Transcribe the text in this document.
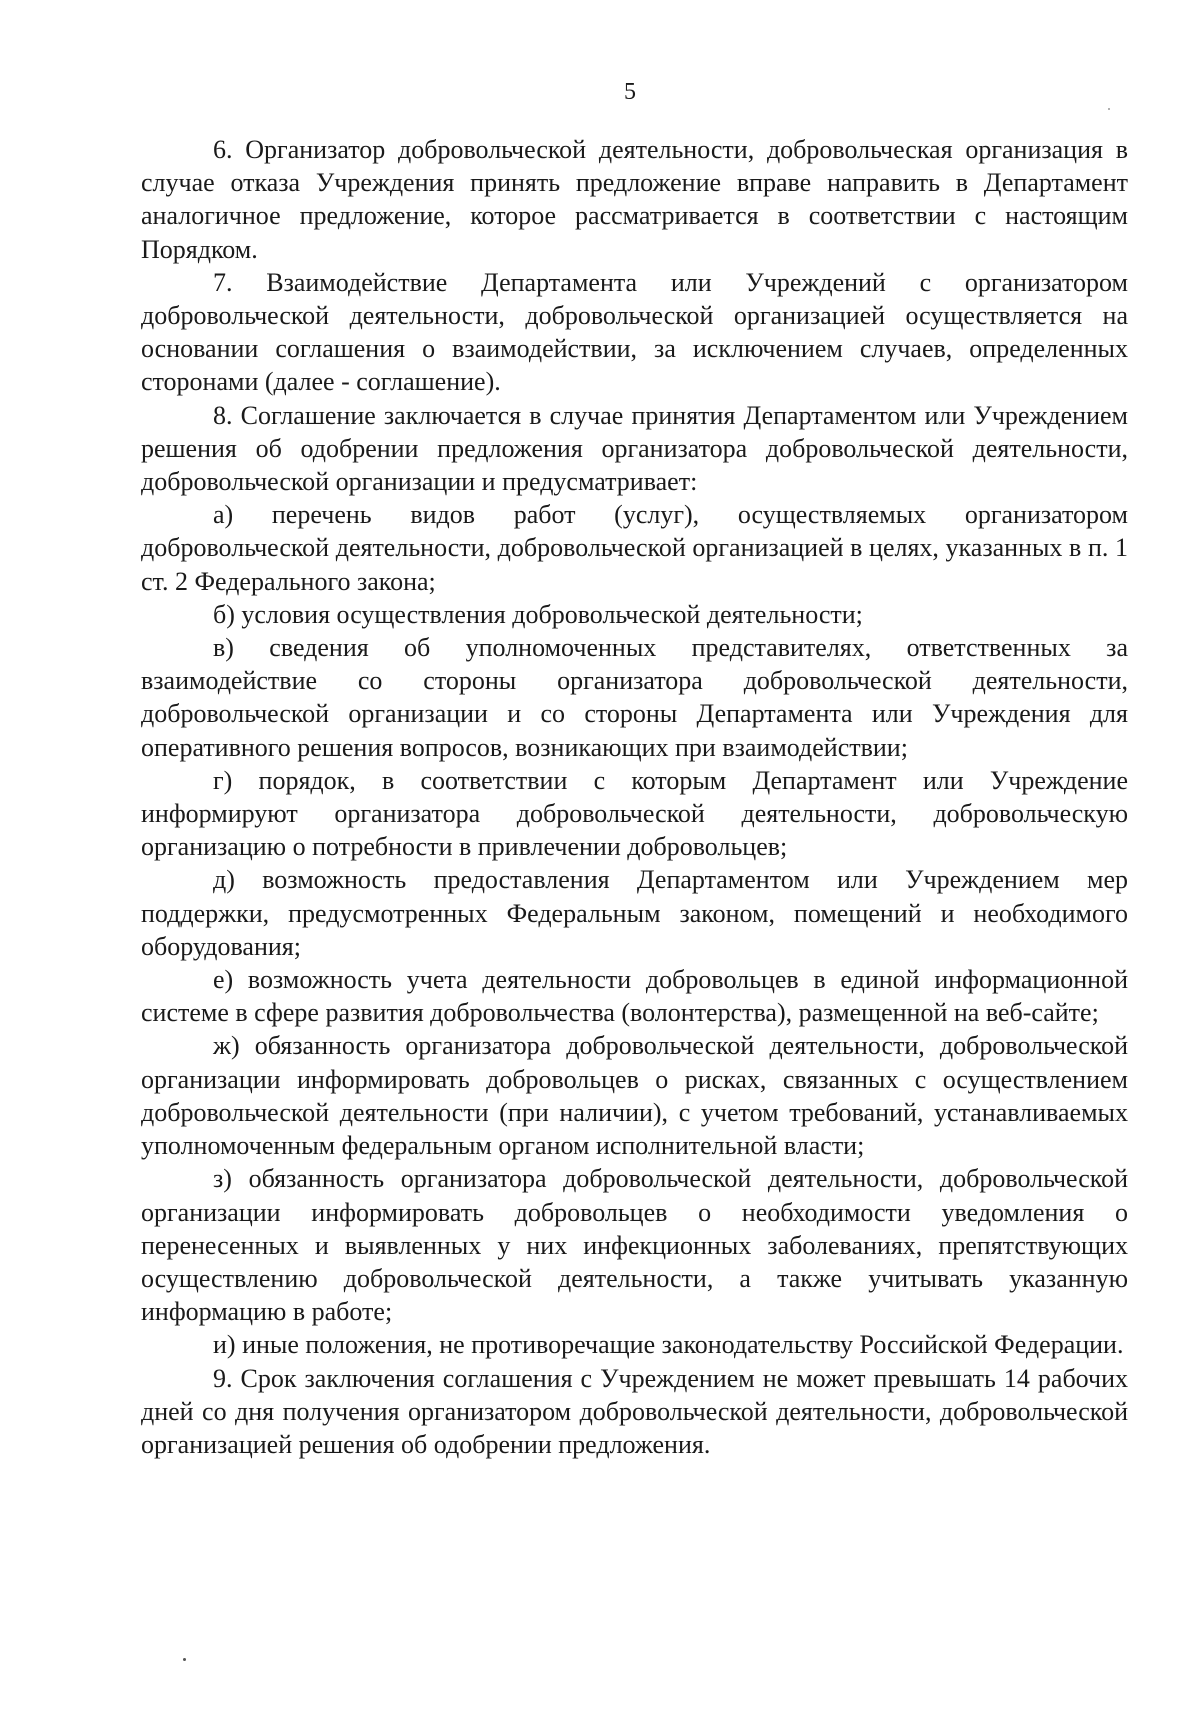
5

6. Организатор добровольческой деятельности, добровольческая организация в случае отказа Учреждения принять предложение вправе направить в Департамент аналогичное предложение, которое рассматривается в соответствии с настоящим Порядком.

7. Взаимодействие Департамента или Учреждений с организатором добровольческой деятельности, добровольческой организацией осуществляется на основании соглашения о взаимодействии, за исключением случаев, определенных сторонами (далее - соглашение).

8. Соглашение заключается в случае принятия Департаментом или Учреждением решения об одобрении предложения организатора добровольческой деятельности, добровольческой организации и предусматривает:

а) перечень видов работ (услуг), осуществляемых организатором добровольческой деятельности, добровольческой организацией в целях, указанных в п. 1 ст. 2 Федерального закона;

б) условия осуществления добровольческой деятельности;

в) сведения об уполномоченных представителях, ответственных за взаимодействие со стороны организатора добровольческой деятельности, добровольческой организации и со стороны Департамента или Учреждения для оперативного решения вопросов, возникающих при взаимодействии;

г) порядок, в соответствии с которым Департамент или Учреждение информируют организатора добровольческой деятельности, добровольческую организацию о потребности в привлечении добровольцев;

д) возможность предоставления Департаментом или Учреждением мер поддержки, предусмотренных Федеральным законом, помещений и необходимого оборудования;

е) возможность учета деятельности добровольцев в единой информационной системе в сфере развития добровольчества (волонтерства), размещенной на веб-сайте;

ж) обязанность организатора добровольческой деятельности, добровольческой организации информировать добровольцев о рисках, связанных с осуществлением добровольческой деятельности (при наличии), с учетом требований, устанавливаемых уполномоченным федеральным органом исполнительной власти;

з) обязанность организатора добровольческой деятельности, добровольческой организации информировать добровольцев о необходимости уведомления о перенесенных и выявленных у них инфекционных заболеваниях, препятствующих осуществлению добровольческой деятельности, а также учитывать указанную информацию в работе;

и) иные положения, не противоречащие законодательству Российской Федерации.

9. Срок заключения соглашения с Учреждением не может превышать 14 рабочих дней со дня получения организатором добровольческой деятельности, добровольческой организацией решения об одобрении предложения.
